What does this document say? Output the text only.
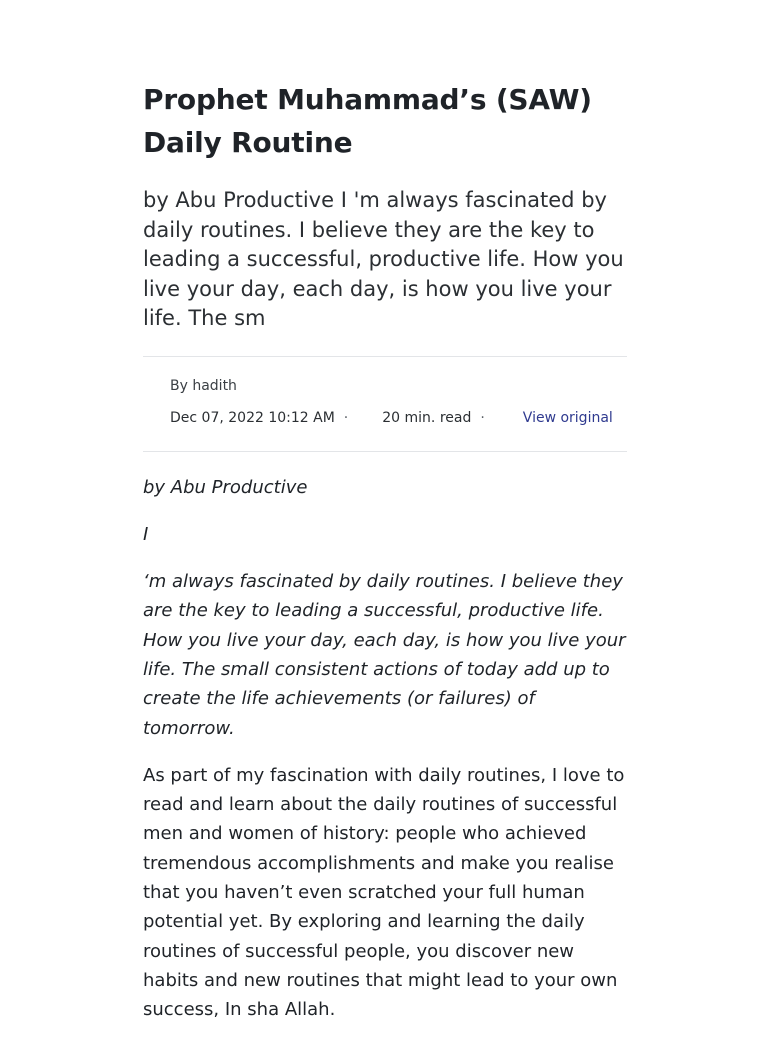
Prophet Muhammad’s (SAW) Daily Routine

by Abu Productive I 'm always fascinated by daily routines. I believe they are the key to leading a successful, productive life. How you live your day, each day, is how you live your life. The sm

By hadith
Dec 07, 2022 10:12 AM · 20 min. read ·	View original

by Abu Productive

I

‘m always fascinated by daily routines. I believe they are the key to leading a successful, productive life. How you live your day, each day, is how you live your life. The small consistent actions of today add up to create the life achievements (or failures) of tomorrow.

As part of my fascination with daily routines, I love to read and learn about the daily routines of successful men and women of history: people who achieved tremendous accomplishments and make you realise that you haven’t even scratched your full human potential yet. By exploring and learning the daily routines of successful people, you discover new habits and new routines that might lead to your own success, In sha Allah.
